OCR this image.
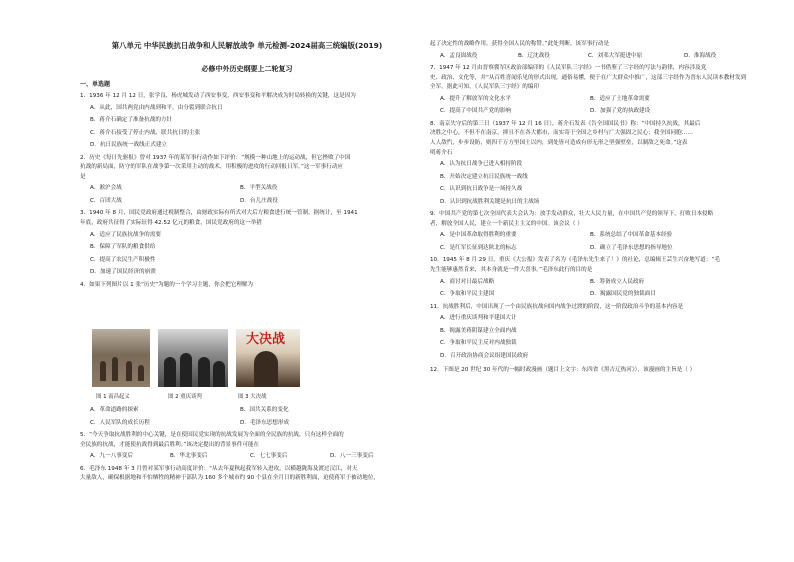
第八单元 中华民族抗日战争和人民解放战争 单元检测-2024届高三统编版(2019)
必修中外历史纲要上二轮复习
一、单选题
1．1936 年 12 月 12 日，张学良、杨虎城发动了西安事变，西安事变和平解决成为时局转换的关键，这是因为
A．从此，国共两党由内战到和平，由分裂到联合抗日
B．蒋介石确定了准备抗战的方针
C．蒋介石接受了停止内战、联共抗日的主张
D．抗日民族统一战线正式建立
2．历史《每日先驱报》曾对 1937 年的某军事行动作如下评价：“规模一种山地上的运动战，但它挫败了中国
抗战的新局面，防守的军队在战争第一次采用主动的战术，用积极的进攻的行动回报日军。”这一军事行动应
是
A．淞沪会战	B．平型关战役
C．百团大战	D．台儿庄战役
3．1940 年 8 月，国民党政府通过税制整合，由财政实际有所式对大后方粮食进行统一管制。据统计，至 1941
年底，政府共征得了实际征得 42.52 亿元的粮食，国民党政府的这一举措
A．适应了民族抗战争的需要
B．保障了军队的粮食供给
C．提高了农民生产积极性
D．加速了国民经济的崩溃
4．如果下列图片以 1 张“历史”为题的一个学习主题，你会把它理解为
大决战
图 1 南昌起义	图 2 重庆谈判	图 3 大决战
A．革命道路的探索	B．国共关系的变化
C．人民军队的成长历程	D．毛泽东思想形成
5．“今天争取抗战胜利的中心关键，是在使国民党实现的抗战发展为全面的全民族的抗战，只有这样全面的
全民族的抗战，才能使抗战得到最后胜利。”该决定提出的背景事件可能在
A．九一八事变后	B．华北事变后	C．七七事变后	D．八一三事变后
6．毛泽东 1948 年 3 月曾对某军事行动高度评价：“从去年夏秋起我军转入进攻，以横越陇海及渡过汉江，对天
大量敌人，确保根据地和不怕牺牲的精神于部队为 160 多个城市约 90 个县在全月日的新胜利面，迫使蒋军于被动地位，
起了决定性的战略作用，获得全国人民的称赞。”此处判断，该军事行动是
A．孟良崮战役	B．辽沈战役	C．刘邓大军挺进中原	D．淮海战役
7．1947 年 12 月由晋察冀军区政治部编印的《人民军队三字经》一书借鉴了三字经的写法与韵律，内容涉及党
史、政治、文化等，并“从百姓喜闻乐见的形式出现，通俗易懂，便于在广大群众中推广，这部三字经作为晋东人民读本教材发到
全军。据此可知，《人民军队三字经》的编印
A．提升了解放军的文化水平	B．适应了土地革命需要
C．提高了中国共产党的影响	D．加强了党的执政建设
8．南京失守后的第三日（1937 年 12 月 16 日），蒋介石发表《告全国国民书》称：“中国持久抗战，其最后
决胜之中心，不但不在南京，抑且不在各大都市，而实寄于全国之乡村与广大强固之民心；我全国同胞……
人人敌忾，步步设防，则四千万方里国土以内，到处皆可造成有形无形之坚强壁垒，以制敌之死命。”这表
明蒋介石
A．认为抗日战争已进入相持阶段
B．开始决定建立抗日民族统一战线
C．认识到抗日战争是一场持久战
D．认识到抗战胜利关键是抗日的主战场
9．中国共产党的第七次全国代表大会认为：放手发动群众，壮大人民力量，在中国共产党的领导下，打败日本侵略
者，解放全国人民，建立一个新民主主义的中国。该会议（ ）
A．是中国革命取得胜利的重要	B．系统总结了中国革命基本经验
C．是红军长征到达陕北的标志	D．确立了毛泽东思想的指导地位
10．1945 年 8 月 29 日，重庆《大公报》发表了名为《毛泽东先生来了！》的社论，总编辑王芸生兴奋地写道：“毛
先生能够惠然肯来，其本身就是一件大喜事。”毛泽东此行的目的是
A．商讨对日最后战略	B．筹备成立人民政府
C．争取和平民主建国	D．揭露国民党的独裁面目
11．抗战胜利后，中国出现了一个由民族抗战向国内战争过渡的阶段，这一阶段政治斗争的基本内容是
A．进行重庆谈判和平建国大计
B．揭露美蒋阴谋建立全面内战
C．争取和平民主反对内战独裁
D．召开政治协商会议组建国民政府
12．下图是 20 世纪 30 年代的一幅时政漫画（题目上文字：东四省《黑吉辽热河》），该漫画的主旨是（ ）
